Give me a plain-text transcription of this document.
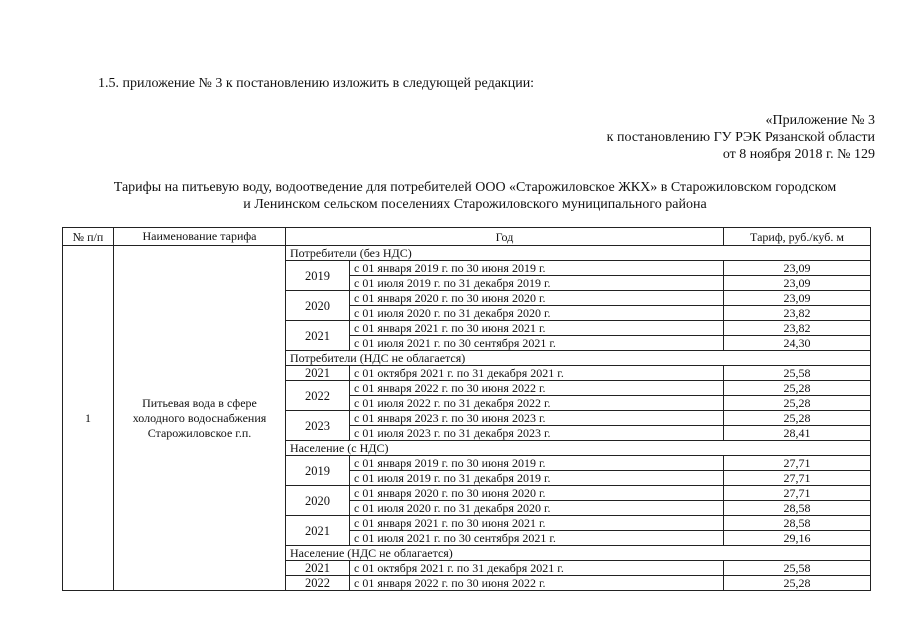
1.5. приложение № 3 к постановлению изложить в следующей редакции:
«Приложение № 3
к постановлению ГУ РЭК Рязанской области
от 8 ноября 2018 г. № 129
Тарифы на питьевую воду, водоотведение для потребителей ООО «Старожиловское ЖКХ» в Старожиловском городском
и Ленинском сельском поселениях Старожиловского муниципального района
№ п/п	Наименование тарифа	Год		Тариф, руб./куб. м
1	Питьевая вода в сфере холодного водоснабжения Старожиловское г.п.	Потребители (без НДС)		
		2019	с 01 января 2019 г. по 30 июня 2019 г.	23,09
			с 01 июля 2019 г. по 31 декабря 2019 г.	23,09
		2020	с 01 января 2020 г. по 30 июня 2020 г.	23,09
			с 01 июля 2020 г. по 31 декабря 2020 г.	23,82
		2021	с 01 января 2021 г. по 30 июня 2021 г.	23,82
			с 01 июля 2021 г. по 30 сентября 2021 г.	24,30
		Потребители (НДС не облагается)		
		2021	с 01 октября 2021 г. по 31 декабря 2021 г.	25,58
		2022	с 01 января 2022 г. по 30 июня 2022 г.	25,28
			с 01 июля 2022 г. по 31 декабря 2022 г.	25,28
		2023	с 01 января 2023 г. по 30 июня 2023 г.	25,28
			с 01 июля 2023 г. по 31 декабря 2023 г.	28,41
		Население (с НДС)		
		2019	с 01 января 2019 г. по 30 июня 2019 г.	27,71
			с 01 июля 2019 г. по 31 декабря 2019 г.	27,71
		2020	с 01 января 2020 г. по 30 июня 2020 г.	27,71
			с 01 июля 2020 г. по 31 декабря 2020 г.	28,58
		2021	с 01 января 2021 г. по 30 июня 2021 г.	28,58
			с 01 июля 2021 г. по 30 сентября 2021 г.	29,16
		Население (НДС не облагается)		
		2021	с 01 октября 2021 г. по 31 декабря 2021 г.	25,58
		2022	с 01 января 2022 г. по 30 июня 2022 г.	25,28
